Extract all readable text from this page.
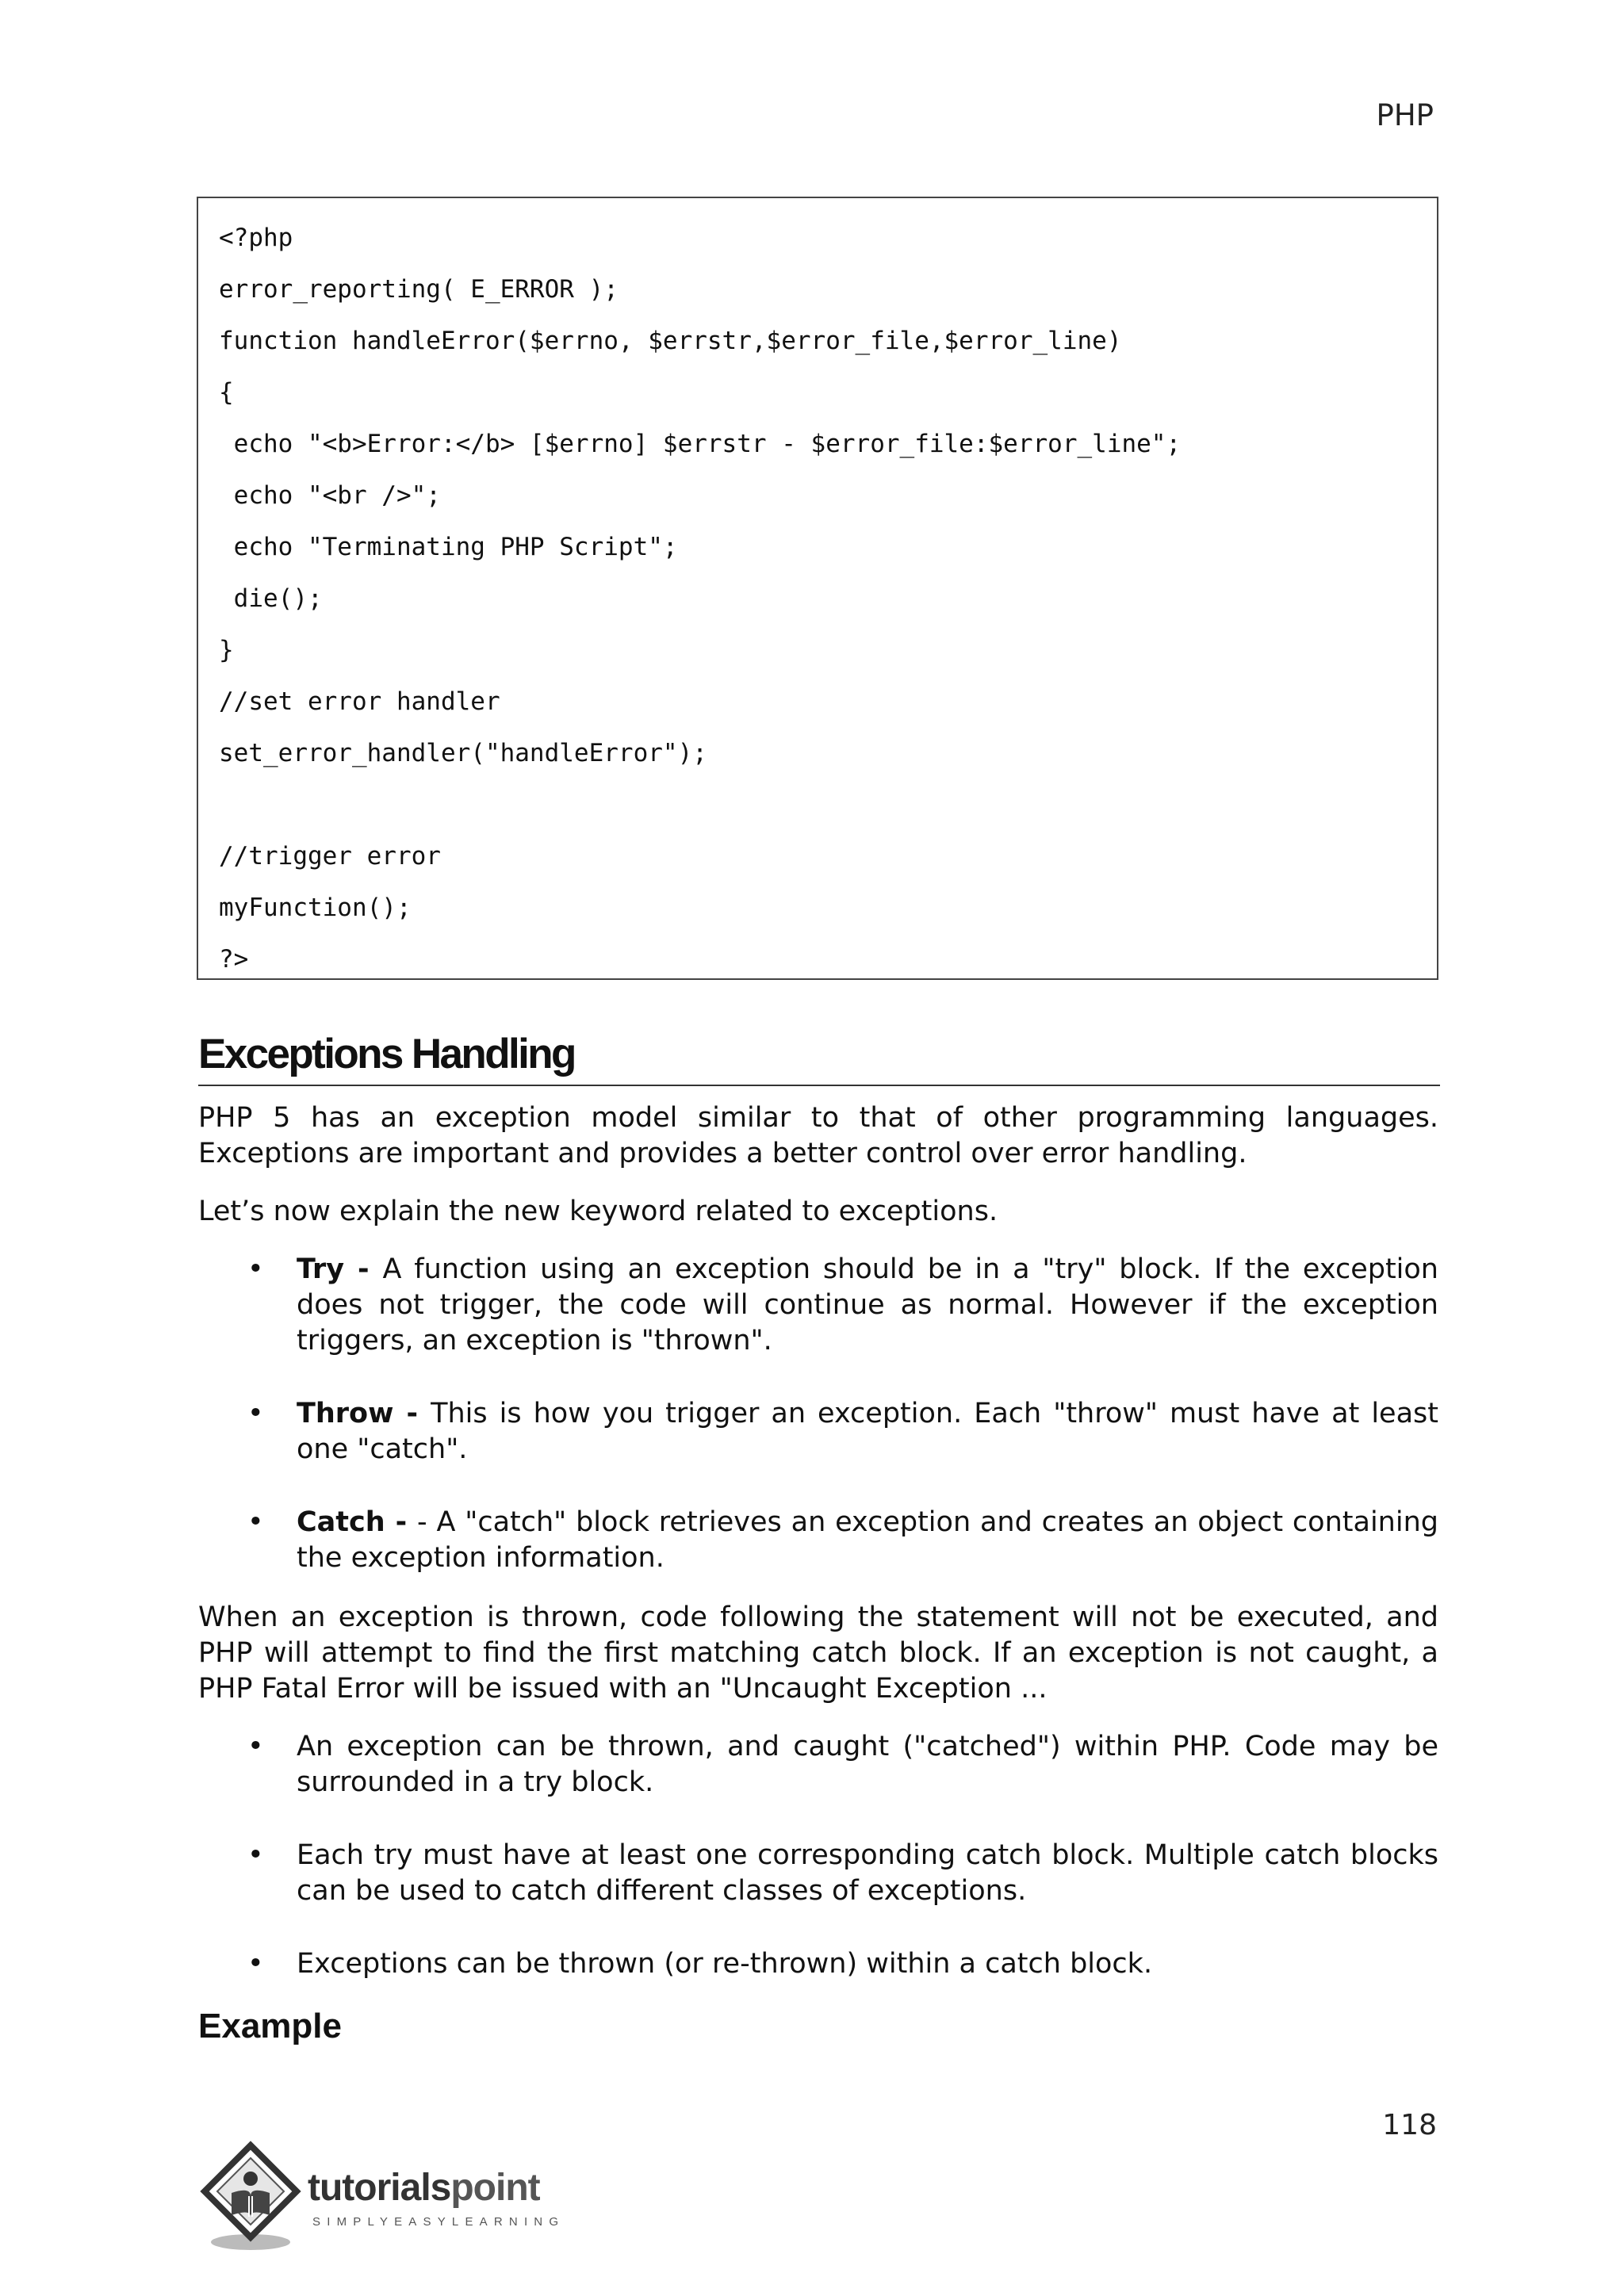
PHP
<?php
error_reporting( E_ERROR );
function handleError($errno, $errstr,$error_file,$error_line)
{
echo "<b>Error:</b> [$errno] $errstr - $error_file:$error_line";
echo "<br />";
echo "Terminating PHP Script";
die();
}
//set error handler
set_error_handler("handleError");
//trigger error
myFunction();
?>
Exceptions Handling

PHP 5 has an exception model similar to that of other programming languages. Exceptions are important and provides a better control over error handling.

Let’s now explain the new keyword related to exceptions.

• Try - A function using an exception should be in a "try" block. If the exception does not trigger, the code will continue as normal. However if the exception triggers, an exception is "thrown".
• Throw - This is how you trigger an exception. Each "throw" must have at least one "catch".
• Catch - - A "catch" block retrieves an exception and creates an object containing the exception information.

When an exception is thrown, code following the statement will not be executed, and PHP will attempt to find the first matching catch block. If an exception is not caught, a PHP Fatal Error will be issued with an "Uncaught Exception ...

• An exception can be thrown, and caught ("catched") within PHP. Code may be surrounded in a try block.
• Each try must have at least one corresponding catch block. Multiple catch blocks can be used to catch different classes of exceptions.
• Exceptions can be thrown (or re-thrown) within a catch block.
Example
118
tutorialspoint
SIMPLYEASYLEARNING
